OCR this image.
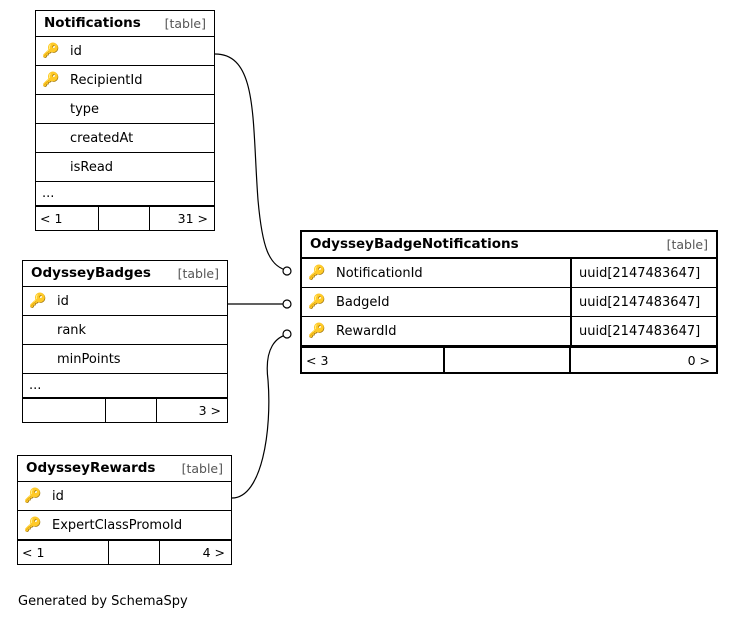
Notifications [table]
🔑 id
🔑 RecipientId
type
createdAt
isRead
...
< 1	31 >
OdysseyBadges [table]
🔑 id
rank
minPoints
...
3 >
OdysseyRewards [table]
🔑 id
🔑 ExpertClassPromoId
< 1	4 >
OdysseyBadgeNotifications	[table]
🔑 NotificationId	uuid[2147483647]
🔑 BadgeId	uuid[2147483647]
🔑 RewardId	uuid[2147483647]
< 3	0 >
Generated by SchemaSpy
